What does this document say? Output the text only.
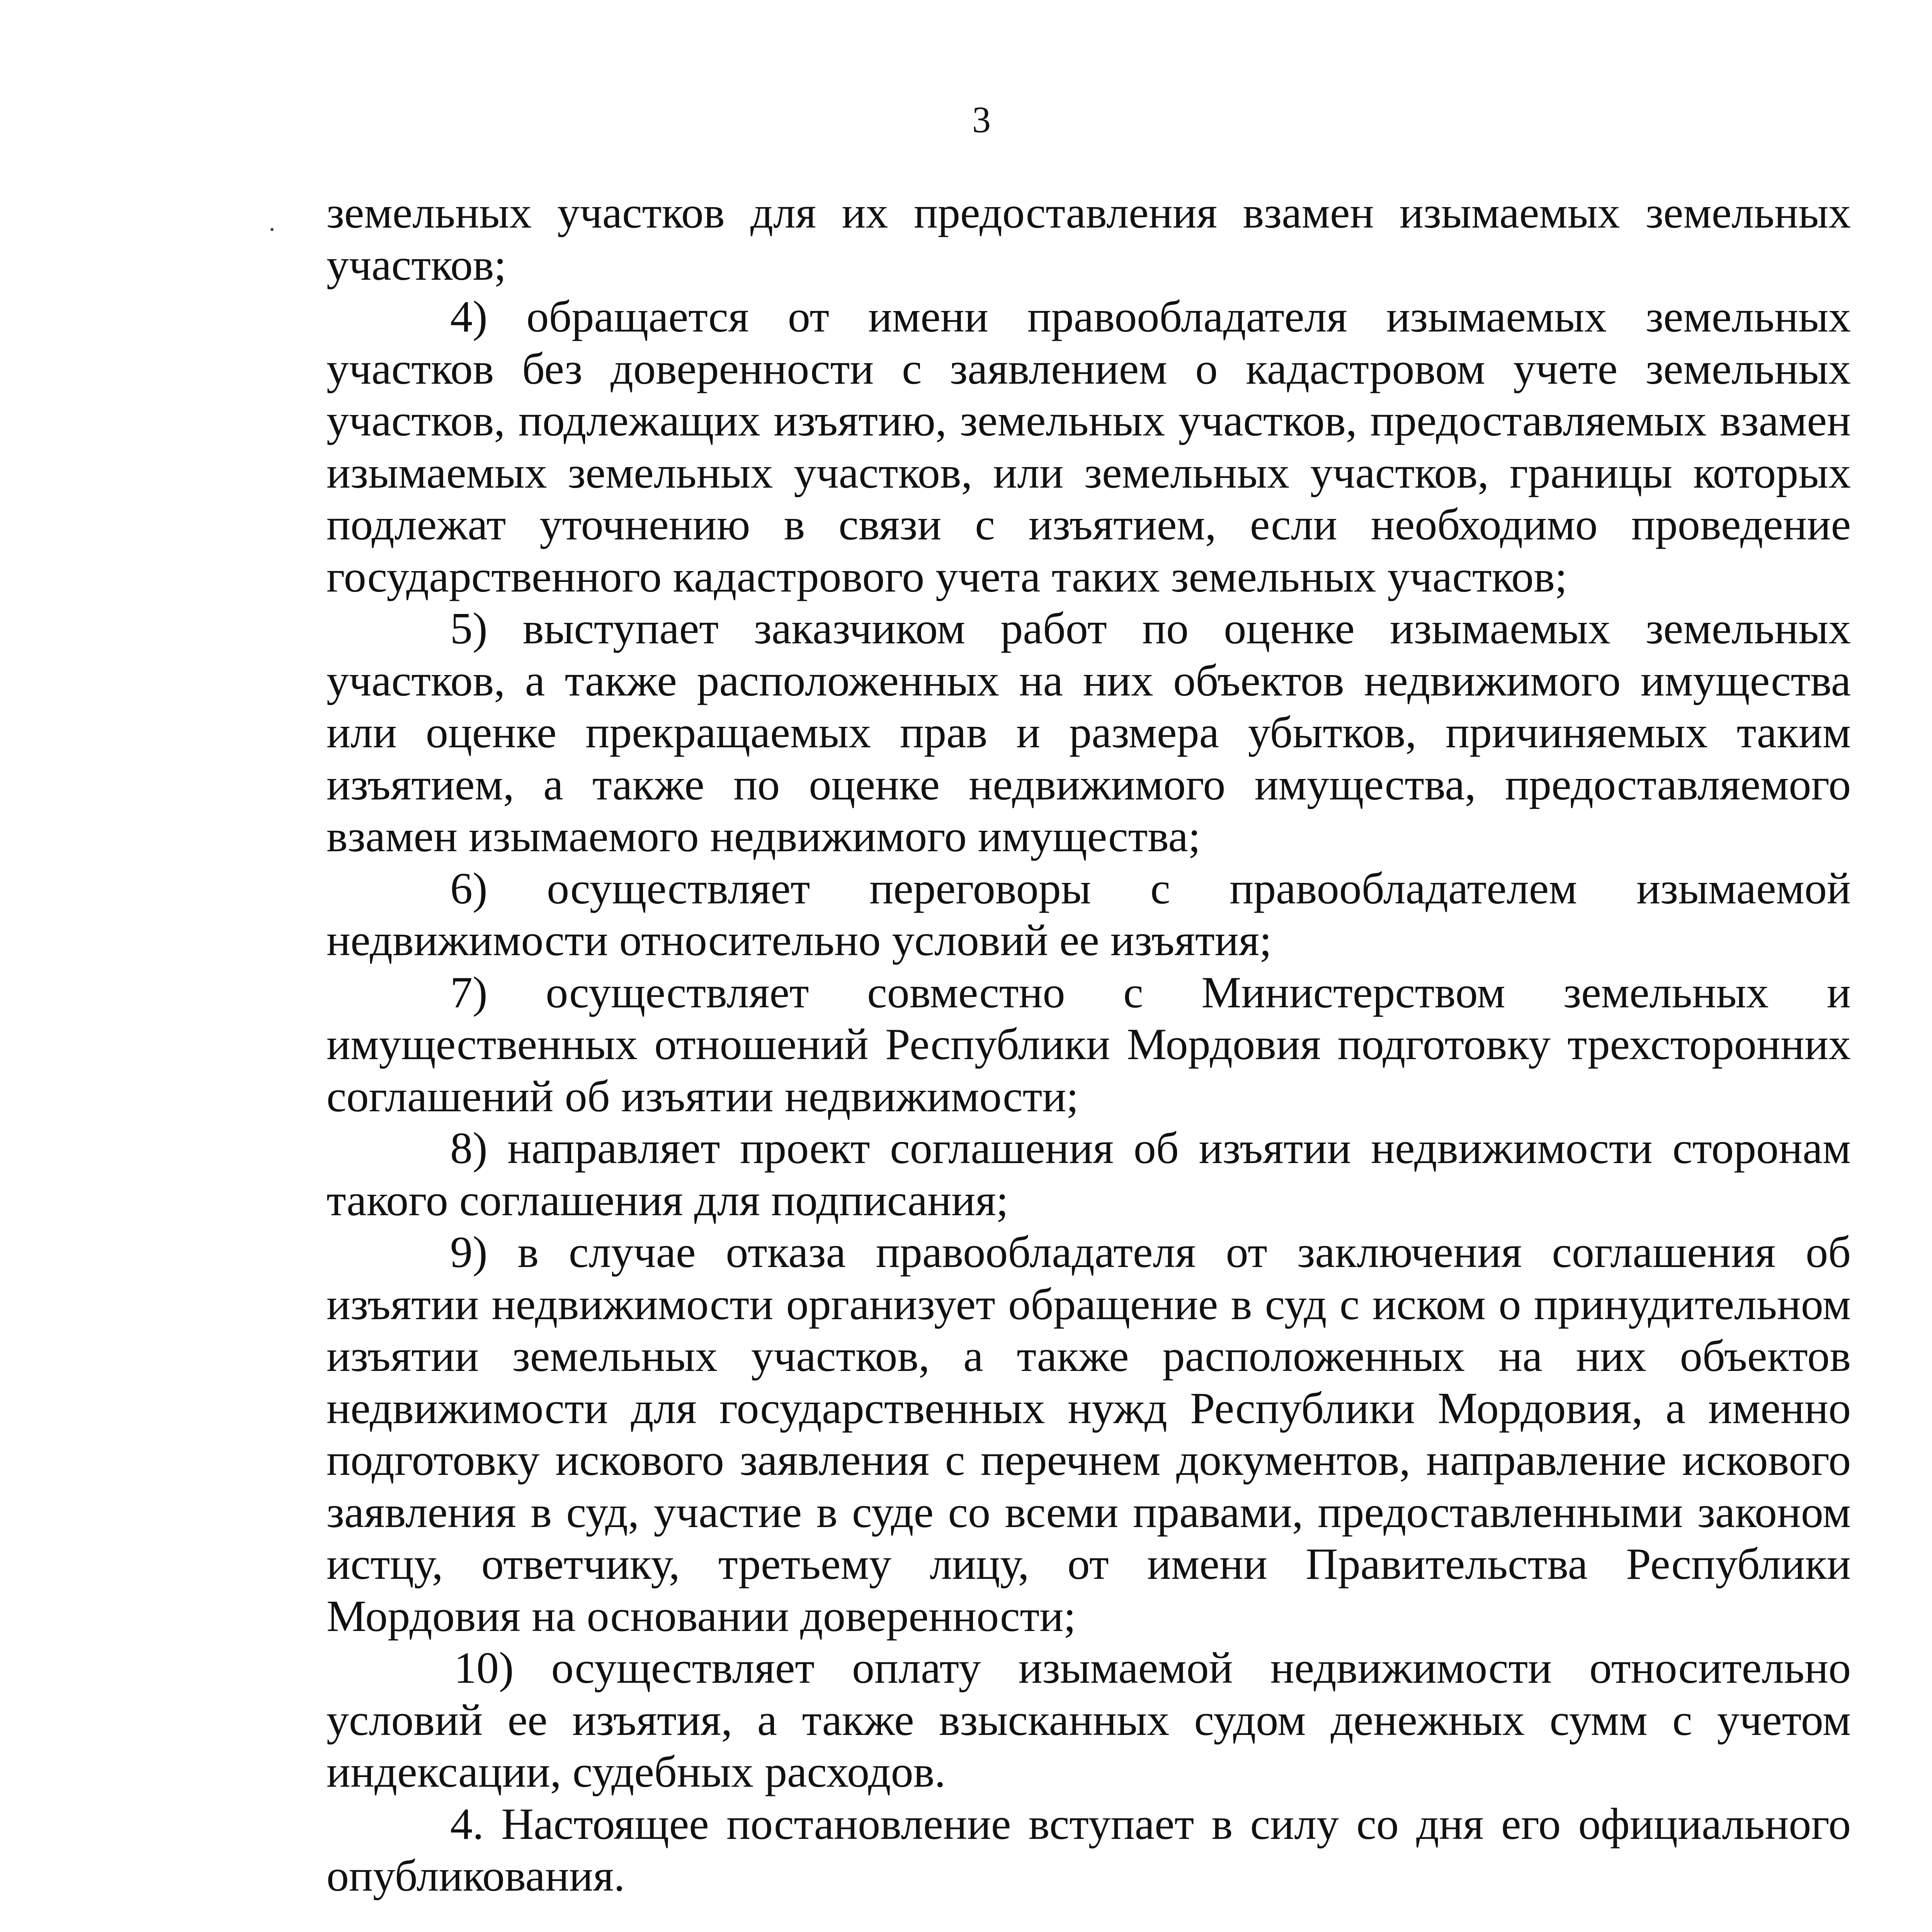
3

земельных участков для их предоставления взамен изымаемых земельных участков;

4) обращается от имени правообладателя изымаемых земельных участков без доверенности с заявлением о кадастровом учете земельных участков, подлежащих изъятию, земельных участков, предоставляемых взамен изымаемых земельных участков, или земельных участков, границы которых подлежат уточнению в связи с изъятием, если необходимо проведение государственного кадастрового учета таких земельных участков;

5) выступает заказчиком работ по оценке изымаемых земельных участков, а также расположенных на них объектов недвижимого имущества или оценке прекращаемых прав и размера убытков, причиняемых таким изъятием, а также по оценке недвижимого имущества, предоставляемого взамен изымаемого недвижимого имущества;

6) осуществляет переговоры с правообладателем изымаемой недвижимости относительно условий ее изъятия;

7) осуществляет совместно с Министерством земельных и имущественных отношений Республики Мордовия подготовку трехсторонних соглашений об изъятии недвижимости;

8) направляет проект соглашения об изъятии недвижимости сторонам такого соглашения для подписания;

9) в случае отказа правообладателя от заключения соглашения об изъятии недвижимости организует обращение в суд с иском о принудительном изъятии земельных участков, а также расположенных на них объектов недвижимости для государственных нужд Республики Мордовия, а именно подготовку искового заявления с перечнем документов, направление искового заявления в суд, участие в суде со всеми правами, предоставленными законом истцу, ответчику, третьему лицу, от имени Правительства Республики Мордовия на основании доверенности;

10) осуществляет оплату изымаемой недвижимости относительно условий ее изъятия, а также взысканных судом денежных сумм с учетом индексации, судебных расходов.

4. Настоящее постановление вступает в силу со дня его официального опубликования.
